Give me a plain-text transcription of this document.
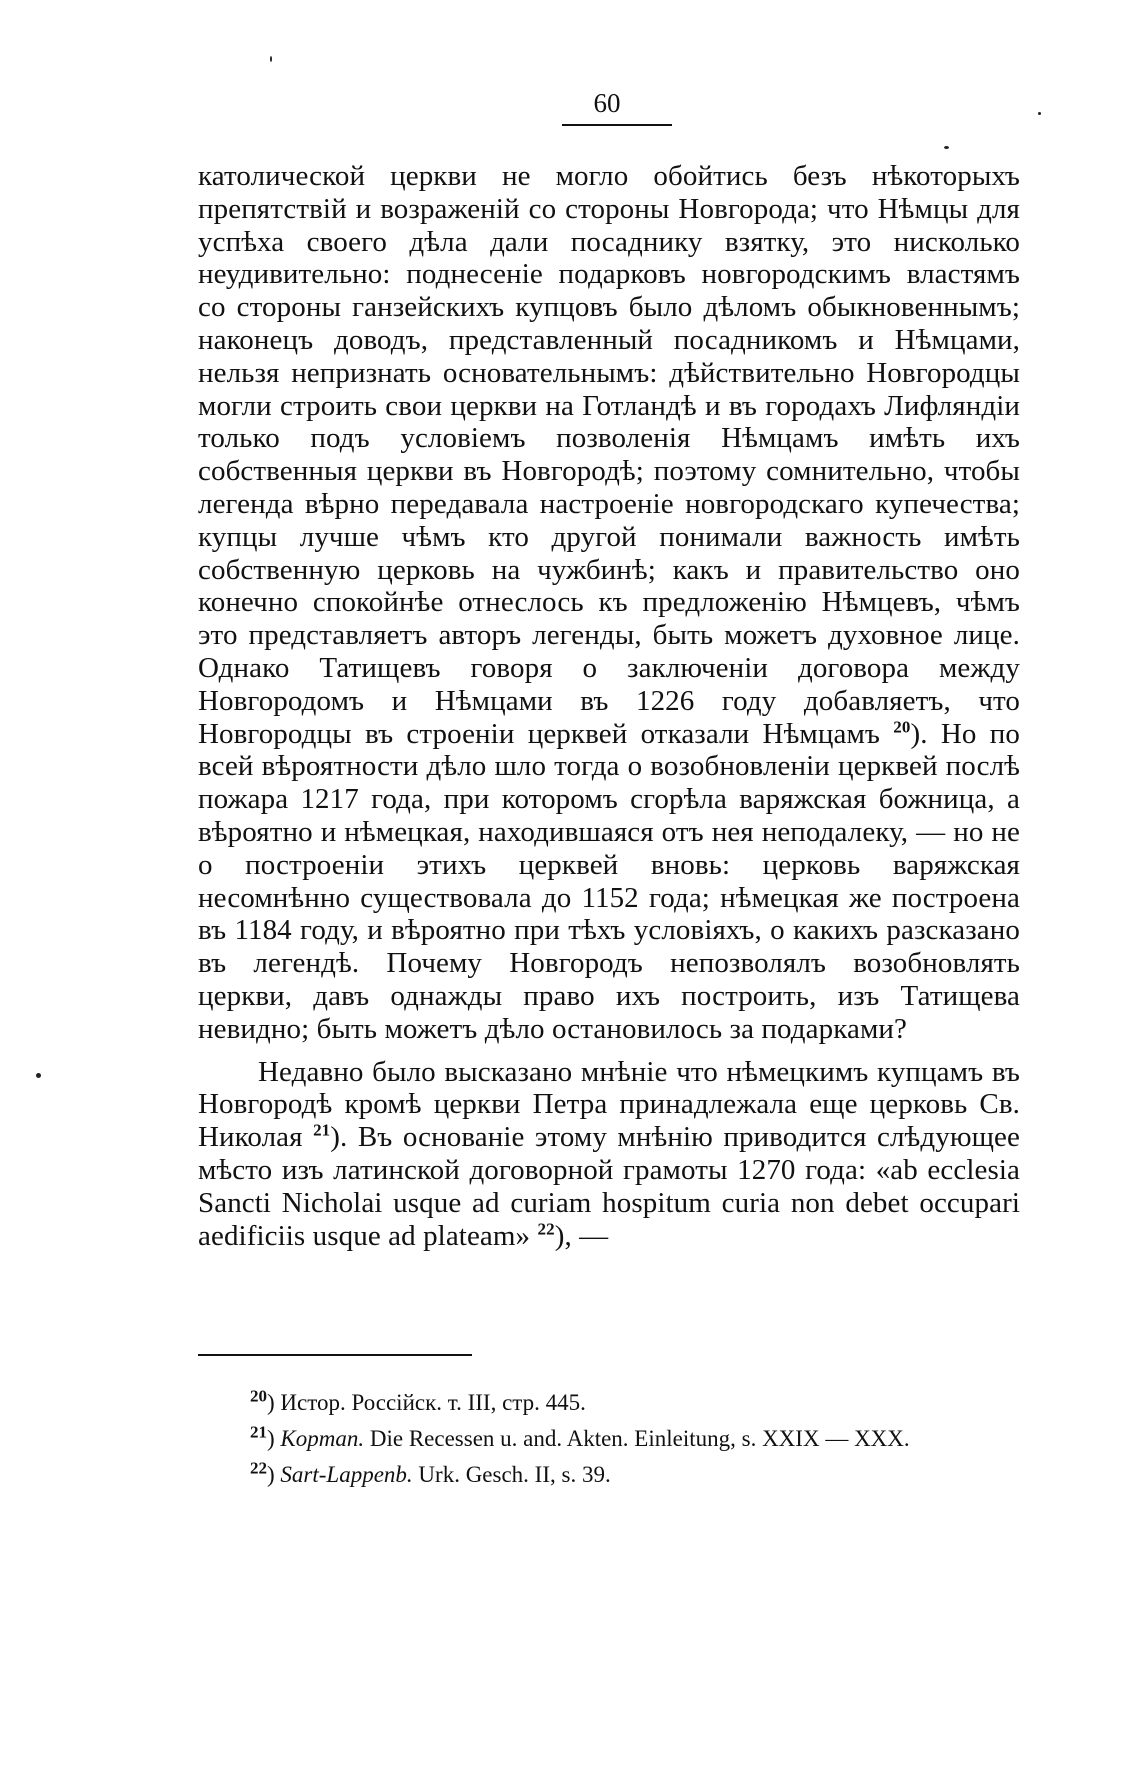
60

католической церкви не могло обойтись безъ нѣкоторыхъ препятствій и возраженій со стороны Новгорода; что Нѣмцы для успѣха своего дѣла дали посаднику взятку, это нисколько неудивительно: поднесеніе подарковъ новгородскимъ властямъ со стороны ганзейскихъ купцовъ было дѣломъ обыкновеннымъ; наконецъ доводъ, представленный посадникомъ и Нѣмцами, нельзя непризнать основательнымъ: дѣйствительно Новгородцы могли строить свои церкви на Готландѣ и въ городахъ Лифляндіи только подъ условіемъ позволенія Нѣмцамъ имѣть ихъ собственныя церкви въ Новгородѣ; поэтому сомнительно, чтобы легенда вѣрно передавала настроеніе новгородскаго купечества; купцы лучше чѣмъ кто другой понимали важность имѣть собственную церковь на чужбинѣ; какъ и правительство оно конечно спокойнѣе отнеслось къ предложенію Нѣмцевъ, чѣмъ это представляетъ авторъ легенды, быть можетъ духовное лице. Однако Татищевъ говоря о заключеніи договора между Новгородомъ и Нѣмцами въ 1226 году добавляетъ, что Новгородцы въ строеніи церквей отказали Нѣмцамъ $^{20}$). Но по всей вѣроятности дѣло шло тогда о возобновленіи церквей послѣ пожара 1217 года, при которомъ сгорѣла варяжская божница, а вѣроятно и нѣмецкая, находившаяся отъ нея неподалеку, — но не о построеніи этихъ церквей вновь: церковь варяжская несомнѣнно существовала до 1152 года; нѣмецкая же построена въ 1184 году, и вѣроятно при тѣхъ условіяхъ, о какихъ разсказано въ легендѣ. Почему Новгородъ непозволялъ возобновлять церкви, давъ однажды право ихъ построить, изъ Татищева невидно; быть можетъ дѣло остановилось за подарками?

Недавно было высказано мнѣніе что нѣмецкимъ купцамъ въ Новгородѣ кромѣ церкви Петра принадлежала еще церковь Св. Николая $^{21}$). Въ основаніе этому мнѣнію приводится слѣдующее мѣсто изъ латинской договорной грамоты 1270 года: «ab ecclesia Sancti Nicholai usque ad curiam hospitum curia non debet occupari aedificiis usque ad plateam» $^{22}$), —

$^{20}$) Истор. Россійск. т. III, стр. 445.

$^{21}$) Kopman. Die Recessen u. and. Akten. Einleitung, s. XXIX — XXX.

$^{22}$) Sart-Lappenb. Urk. Gesch. II, s. 39.
